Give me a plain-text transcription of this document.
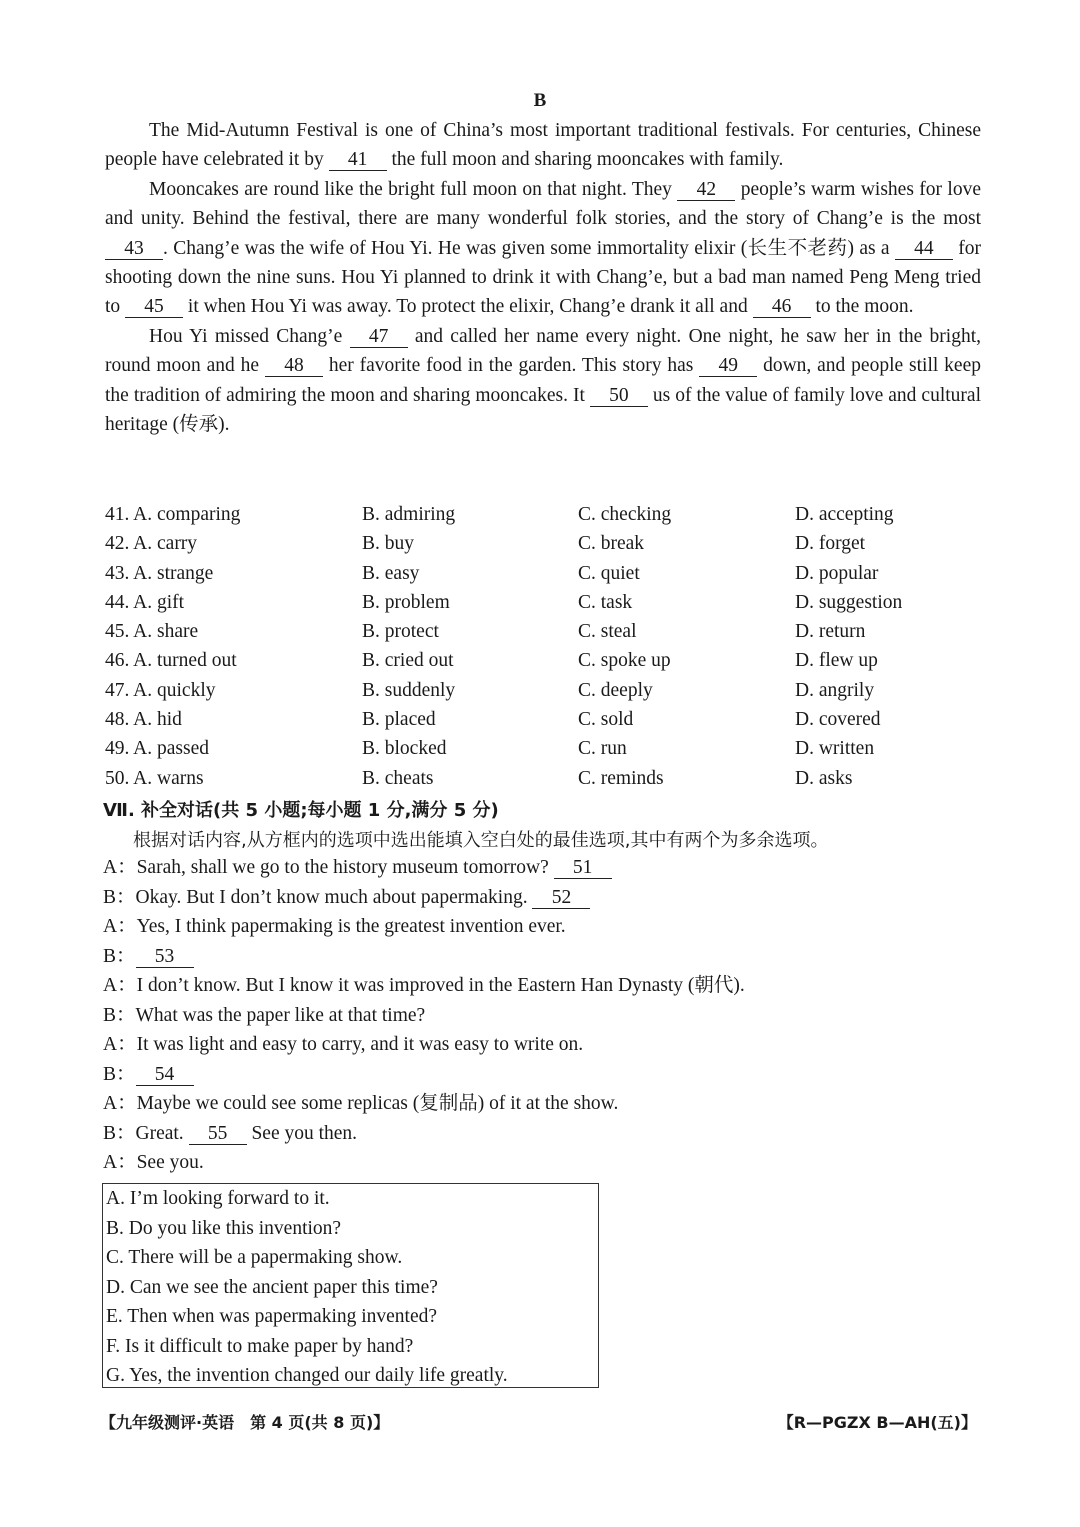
B

The Mid-Autumn Festival is one of China’s most important traditional festivals. For centuries, Chinese people have celebrated it by 41 the full moon and sharing mooncakes with family.

Mooncakes are round like the bright full moon on that night. They 42 people’s warm wishes for love and unity. Behind the festival, there are many wonderful folk stories, and the story of Chang’e is the most 43 . Chang’e was the wife of Hou Yi. He was given some immortality elixir (长生不老药) as a 44 for shooting down the nine suns. Hou Yi planned to drink it with Chang’e, but a bad man named Peng Meng tried to 45 it when Hou Yi was away. To protect the elixir, Chang’e drank it all and 46 to the moon.

Hou Yi missed Chang’e 47 and called her name every night. One night, he saw her in the bright, round moon and he 48 her favorite food in the garden. This story has 49 down, and people still keep the tradition of admiring the moon and sharing mooncakes. It 50 us of the value of family love and cultural heritage (传承).

41. A. comparing	B. admiring	C. checking	D. accepting
42. A. carry	B. buy	C. break	D. forget
43. A. strange	B. easy	C. quiet	D. popular
44. A. gift	B. problem	C. task	D. suggestion
45. A. share	B. protect	C. steal	D. return
46. A. turned out	B. cried out	C. spoke up	D. flew up
47. A. quickly	B. suddenly	C. deeply	D. angrily
48. A. hid	B. placed	C. sold	D. covered
49. A. passed	B. blocked	C. run	D. written
50. A. warns	B. cheats	C. reminds	D. asks
Ⅶ. 补全对话(共 5 小题;每小题 1 分,满分 5 分)
根据对话内容,从方框内的选项中选出能填入空白处的最佳选项,其中有两个为多余选项。
A：Sarah, shall we go to the history museum tomorrow? 51
B：Okay. But I don’t know much about papermaking. 52
A：Yes, I think papermaking is the greatest invention ever.
B： 53
A：I don’t know. But I know it was improved in the Eastern Han Dynasty (朝代).
B：What was the paper like at that time?
A：It was light and easy to carry, and it was easy to write on.
B： 54
A：Maybe we could see some replicas (复制品) of it at the show.
B：Great. 55 See you then.
A：See you.
A. I’m looking forward to it.
B. Do you like this invention?
C. There will be a papermaking show.
D. Can we see the ancient paper this time?
E. Then when was papermaking invented?
F. Is it difficult to make paper by hand?
G. Yes, the invention changed our daily life greatly.
【九年级测评·英语　第 4 页(共 8 页)】	【R—PGZX B—AH(五)】
